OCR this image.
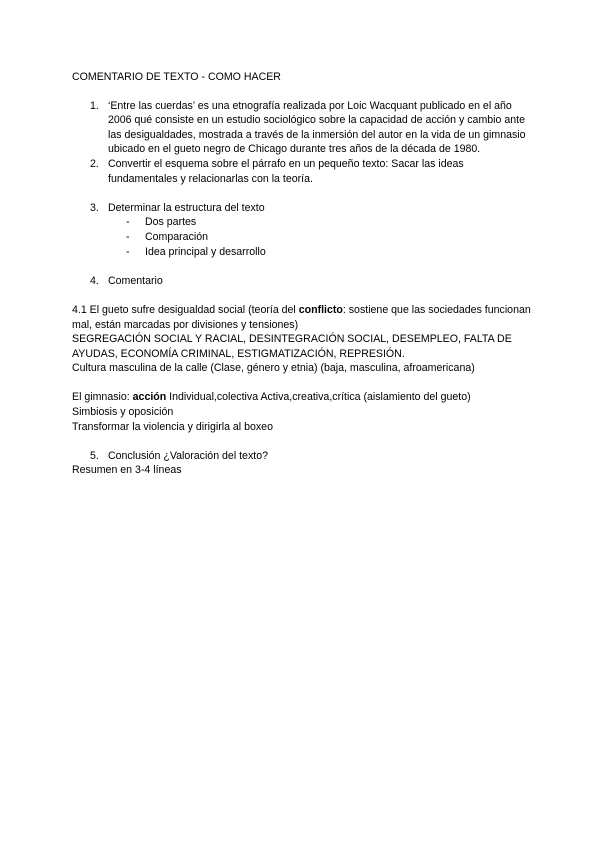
COMENTARIO DE TEXTO - COMO HACER

1. ‘Entre las cuerdas’ es una etnografía realizada por Loic Wacquant publicado en el año 2006 qué consiste en un estudio sociológico sobre la capacidad de acción y cambio ante las desigualdades, mostrada a través de la inmersión del autor en la vida de un gimnasio ubicado en el gueto negro de Chicago durante tres años de la década de 1980.
2. Convertir el esquema sobre el párrafo en un pequeño texto: Sacar las ideas fundamentales y relacionarlas con la teoría.
3. Determinar la estructura del texto
-	Dos partes
-	Comparación
-	Idea principal y desarrollo
4. Comentario

4.1 El gueto sufre desigualdad social (teoría del conflicto: sostiene que las sociedades funcionan mal, están marcadas por divisiones y tensiones)

SEGREGACIÓN SOCIAL Y RACIAL, DESINTEGRACIÓN SOCIAL, DESEMPLEO, FALTA DE AYUDAS, ECONOMÍA CRIMINAL, ESTIGMATIZACIÓN, REPRESIÓN.

Cultura masculina de la calle (Clase, género y etnia) (baja, masculina, afroamericana)

El gimnasio: acción Individual,colectiva Activa,creativa,crítica (aislamiento del gueto)

Simbiosis y oposición

Transformar la violencia y dirigirla al boxeo

5. Conclusión ¿Valoración del texto?

Resumen en 3-4 líneas
